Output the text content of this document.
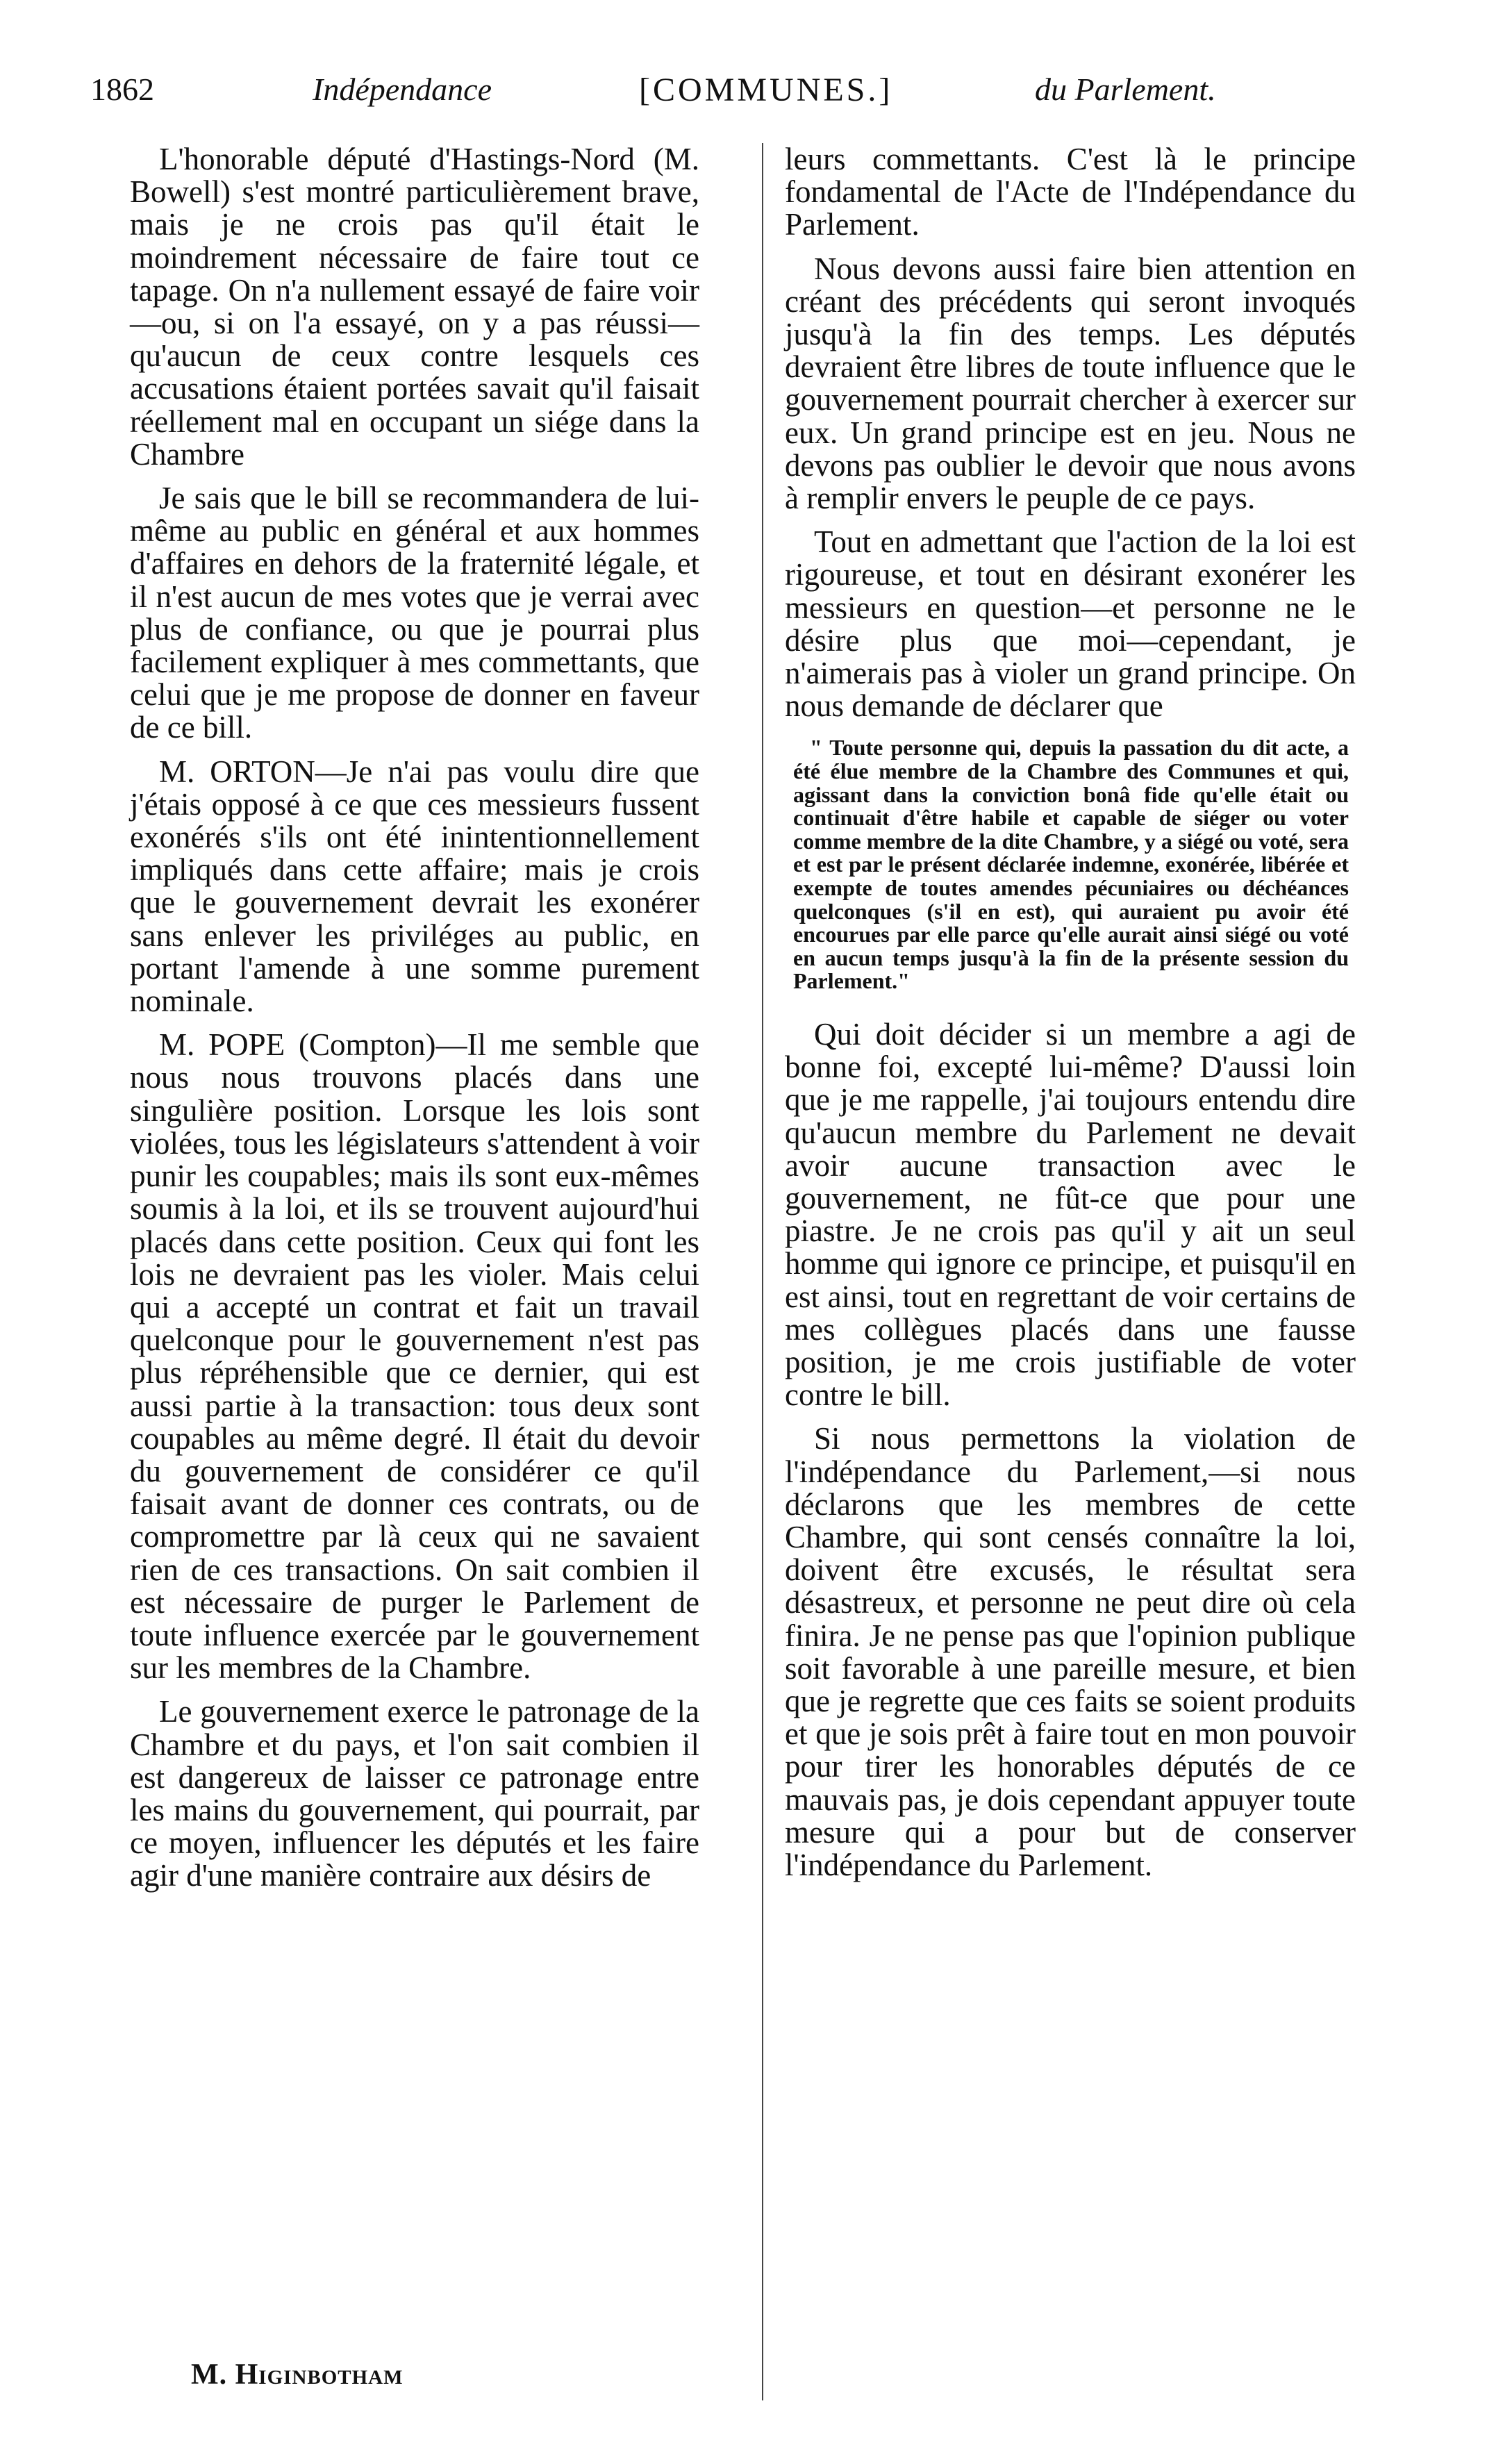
1862	Indépendance	[COMMUNES.]	du Parlement.

L'honorable député d'Hastings-Nord (M. Bowell) s'est montré particulièrement brave, mais je ne crois pas qu'il était le moindrement nécessaire de faire tout ce tapage. On n'a nullement essayé de faire voir—ou, si on l'a essayé, on y a pas réussi—qu'aucun de ceux contre lesquels ces accusations étaient portées savait qu'il faisait réellement mal en occupant un siége dans la Chambre

Je sais que le bill se recommandera de lui-même au public en général et aux hommes d'affaires en dehors de la fraternité légale, et il n'est aucun de mes votes que je verrai avec plus de confiance, ou que je pourrai plus facilement expliquer à mes commettants, que celui que je me propose de donner en faveur de ce bill.

M. ORTON—Je n'ai pas voulu dire que j'étais opposé à ce que ces messieurs fussent exonérés s'ils ont été inintentionnellement impliqués dans cette affaire; mais je crois que le gouvernement devrait les exonérer sans enlever les priviléges au public, en portant l'amende à une somme purement nominale.

M. POPE (Compton)—Il me semble que nous nous trouvons placés dans une singulière position. Lorsque les lois sont violées, tous les législateurs s'attendent à voir punir les coupables; mais ils sont eux-mêmes soumis à la loi, et ils se trouvent aujourd'hui placés dans cette position. Ceux qui font les lois ne devraient pas les violer. Mais celui qui a accepté un contrat et fait un travail quelconque pour le gouvernement n'est pas plus répréhensible que ce dernier, qui est aussi partie à la transaction: tous deux sont coupables au même degré. Il était du devoir du gouvernement de considérer ce qu'il faisait avant de donner ces contrats, ou de compromettre par là ceux qui ne savaient rien de ces transactions. On sait combien il est nécessaire de purger le Parlement de toute influence exercée par le gouvernement sur les membres de la Chambre.

Le gouvernement exerce le patronage de la Chambre et du pays, et l'on sait combien il est dangereux de laisser ce patronage entre les mains du gouvernement, qui pourrait, par ce moyen, influencer les députés et les faire agir d'une manière contraire aux désirs de

leurs commettants. C'est là le principe fondamental de l'Acte de l'Indépendance du Parlement.

Nous devons aussi faire bien attention en créant des précédents qui seront invoqués jusqu'à la fin des temps. Les députés devraient être libres de toute influence que le gouvernement pourrait chercher à exercer sur eux. Un grand principe est en jeu. Nous ne devons pas oublier le devoir que nous avons à remplir envers le peuple de ce pays.

Tout en admettant que l'action de la loi est rigoureuse, et tout en désirant exonérer les messieurs en question—et personne ne le désire plus que moi—cependant, je n'aimerais pas à violer un grand principe. On nous demande de déclarer que

" Toute personne qui, depuis la passation du dit acte, a été élue membre de la Chambre des Communes et qui, agissant dans la conviction bonâ fide qu'elle était ou continuait d'être habile et capable de siéger ou voter comme membre de la dite Chambre, y a siégé ou voté, sera et est par le présent déclarée indemne, exonérée, libérée et exempte de toutes amendes pécuniaires ou déchéances quelconques (s'il en est), qui auraient pu avoir été encourues par elle parce qu'elle aurait ainsi siégé ou voté en aucun temps jusqu'à la fin de la présente session du Parlement."

Qui doit décider si un membre a agi de bonne foi, excepté lui-même? D'aussi loin que je me rappelle, j'ai toujours entendu dire qu'aucun membre du Parlement ne devait avoir aucune transaction avec le gouvernement, ne fût-ce que pour une piastre. Je ne crois pas qu'il y ait un seul homme qui ignore ce principe, et puisqu'il en est ainsi, tout en regrettant de voir certains de mes collègues placés dans une fausse position, je me crois justifiable de voter contre le bill.

Si nous permettons la violation de l'indépendance du Parlement,—si nous déclarons que les membres de cette Chambre, qui sont censés connaître la loi, doivent être excusés, le résultat sera désastreux, et personne ne peut dire où cela finira. Je ne pense pas que l'opinion publique soit favorable à une pareille mesure, et bien que je regrette que ces faits se soient produits et que je sois prêt à faire tout en mon pouvoir pour tirer les honorables députés de ce mauvais pas, je dois cependant appuyer toute mesure qui a pour but de conserver l'indépendance du Parlement.

M. Higinbotham
